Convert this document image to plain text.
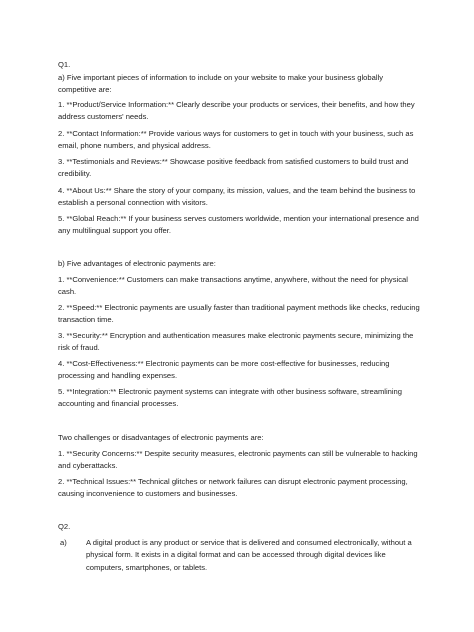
Q1.

a) Five important pieces of information to include on your website to make your business globally competitive are:

1. **Product/Service Information:** Clearly describe your products or services, their benefits, and how they address customers' needs.

2. **Contact Information:** Provide various ways for customers to get in touch with your business, such as email, phone numbers, and physical address.

3. **Testimonials and Reviews:** Showcase positive feedback from satisfied customers to build trust and credibility.

4. **About Us:** Share the story of your company, its mission, values, and the team behind the business to establish a personal connection with visitors.

5. **Global Reach:** If your business serves customers worldwide, mention your international presence and any multilingual support you offer.

b) Five advantages of electronic payments are:

1. **Convenience:** Customers can make transactions anytime, anywhere, without the need for physical cash.

2. **Speed:** Electronic payments are usually faster than traditional payment methods like checks, reducing transaction time.

3. **Security:** Encryption and authentication measures make electronic payments secure, minimizing the risk of fraud.

4. **Cost-Effectiveness:** Electronic payments can be more cost-effective for businesses, reducing processing and handling expenses.

5. **Integration:** Electronic payment systems can integrate with other business software, streamlining accounting and financial processes.

Two challenges or disadvantages of electronic payments are:

1. **Security Concerns:** Despite security measures, electronic payments can still be vulnerable to hacking and cyberattacks.

2. **Technical Issues:** Technical glitches or network failures can disrupt electronic payment processing, causing inconvenience to customers and businesses.

Q2.

a)	A digital product is any product or service that is delivered and consumed electronically, without a physical form. It exists in a digital format and can be accessed through digital devices like computers, smartphones, or tablets.
